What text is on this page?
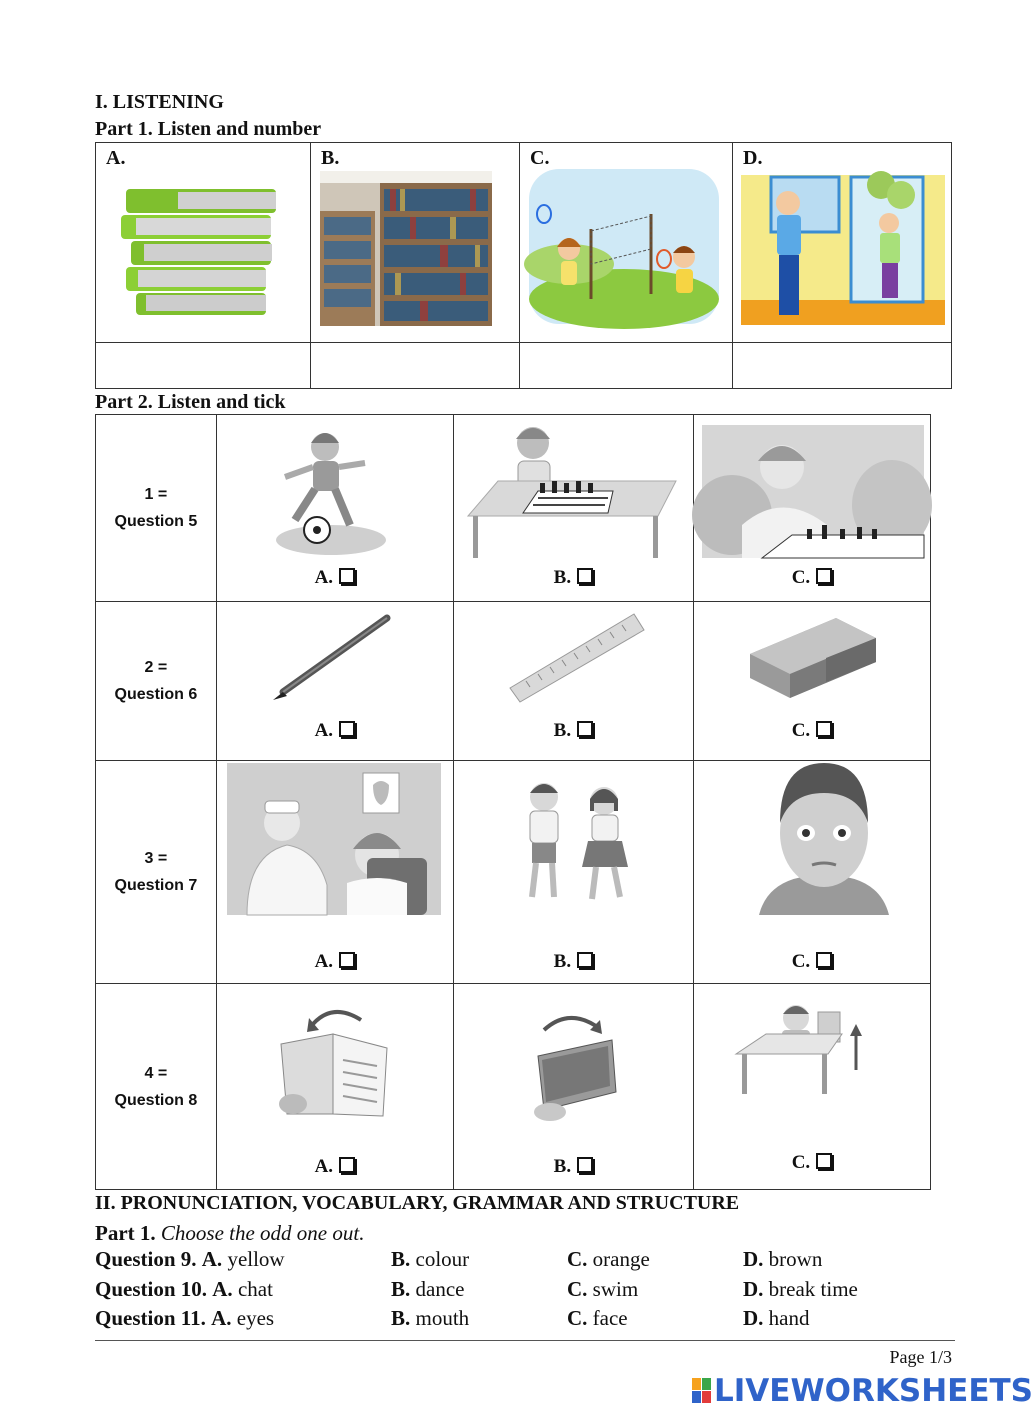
I. LISTENING
Part 1. Listen and number
A.	B.	C.	D.

Part 2. Listen and tick
1 =
Question 5	A.	B.	C.

2 =
Question 6	A.	B.	C.

3 =
Question 7	A.	B.	C.

4 =
Question 8	A.	B.	C.
II. PRONUNCIATION, VOCABULARY, GRAMMAR AND STRUCTURE
Part 1. Choose the odd one out.
Question 9. A. yellow	B. colour	C. orange	D. brown
Question 10. A. chat	B. dance	C. swim	D. break time
Question 11. A. eyes	B. mouth	C. face	D. hand
Page 1/3
LIVEWORKSHEETS
